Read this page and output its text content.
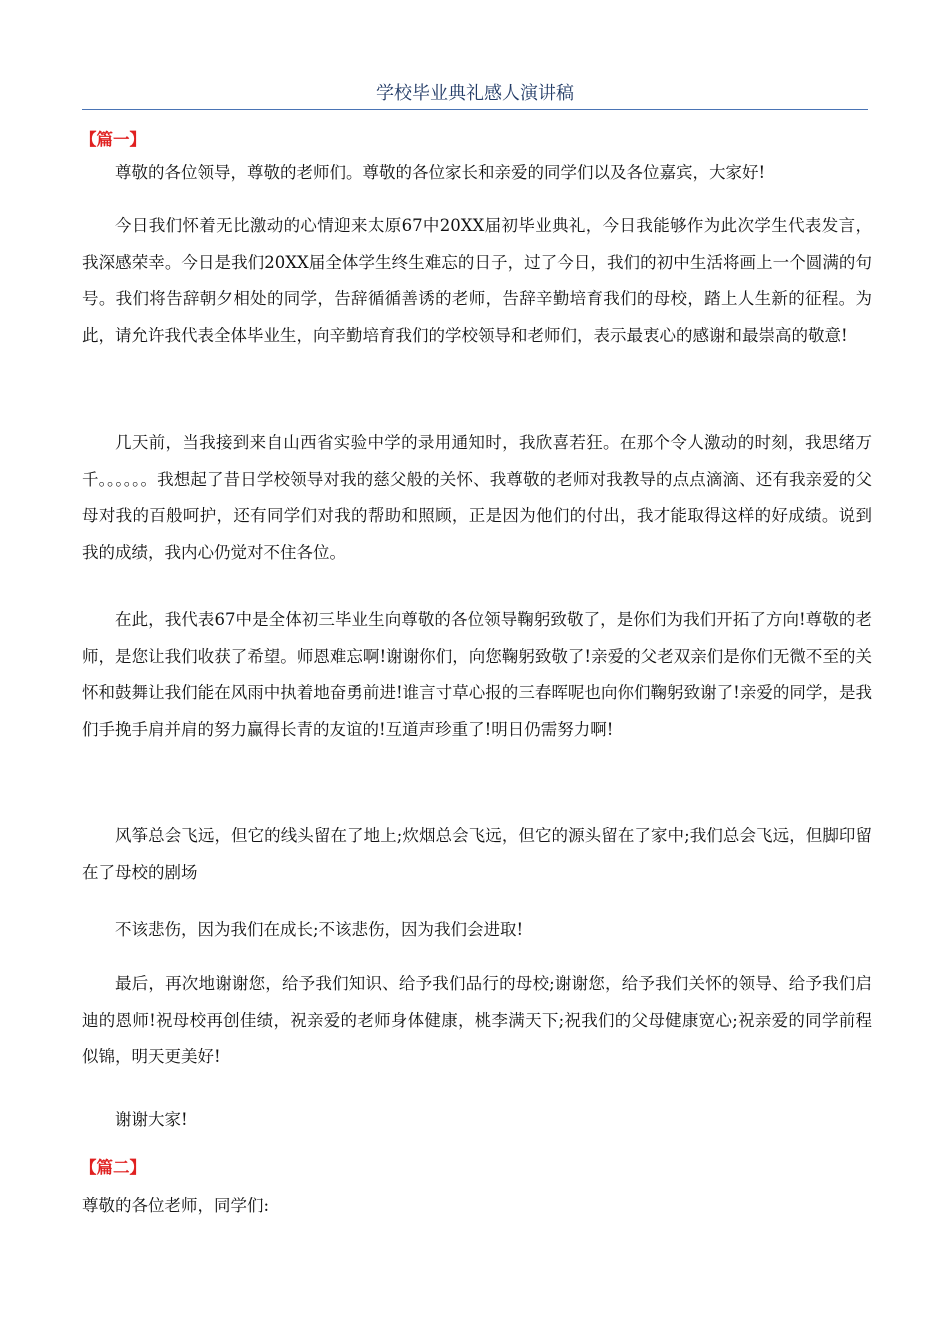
学校毕业典礼感人演讲稿
【篇一】
尊敬的各位领导，尊敬的老师们。尊敬的各位家长和亲爱的同学们以及各位嘉宾，大家好!
今日我们怀着无比激动的心情迎来太原67中20XX届初毕业典礼，今日我能够作为此次学生代表发言，我深感荣幸。今日是我们20XX届全体学生终生难忘的日子，过了今日，我们的初中生活将画上一个圆满的句号。我们将告辞朝夕相处的同学，告辞循循善诱的老师，告辞辛勤培育我们的母校，踏上人生新的征程。为此，请允许我代表全体毕业生，向辛勤培育我们的学校领导和老师们，表示最衷心的感谢和最崇高的敬意!
几天前，当我接到来自山西省实验中学的录用通知时，我欣喜若狂。在那个令人激动的时刻，我思绪万千。。。。。。我想起了昔日学校领导对我的慈父般的关怀、我尊敬的老师对我教导的点点滴滴、还有我亲爱的父母对我的百般呵护，还有同学们对我的帮助和照顾，正是因为他们的付出，我才能取得这样的好成绩。说到我的成绩，我内心仍觉对不住各位。
在此，我代表67中是全体初三毕业生向尊敬的各位领导鞠躬致敬了，是你们为我们开拓了方向!尊敬的老师，是您让我们收获了希望。师恩难忘啊!谢谢你们，向您鞠躬致敬了!亲爱的父老双亲们是你们无微不至的关怀和鼓舞让我们能在风雨中执着地奋勇前进!谁言寸草心报的三春晖呢也向你们鞠躬致谢了!亲爱的同学，是我们手挽手肩并肩的努力赢得长青的友谊的!互道声珍重了!明日仍需努力啊!
风筝总会飞远，但它的线头留在了地上;炊烟总会飞远，但它的源头留在了家中;我们总会飞远，但脚印留在了母校的剧场
不该悲伤，因为我们在成长;不该悲伤，因为我们会进取!
最后，再次地谢谢您，给予我们知识、给予我们品行的母校;谢谢您，给予我们关怀的领导、给予我们启迪的恩师!祝母校再创佳绩，祝亲爱的老师身体健康，桃李满天下;祝我们的父母健康宽心;祝亲爱的同学前程似锦，明天更美好!
谢谢大家!
【篇二】
尊敬的各位老师，同学们:
